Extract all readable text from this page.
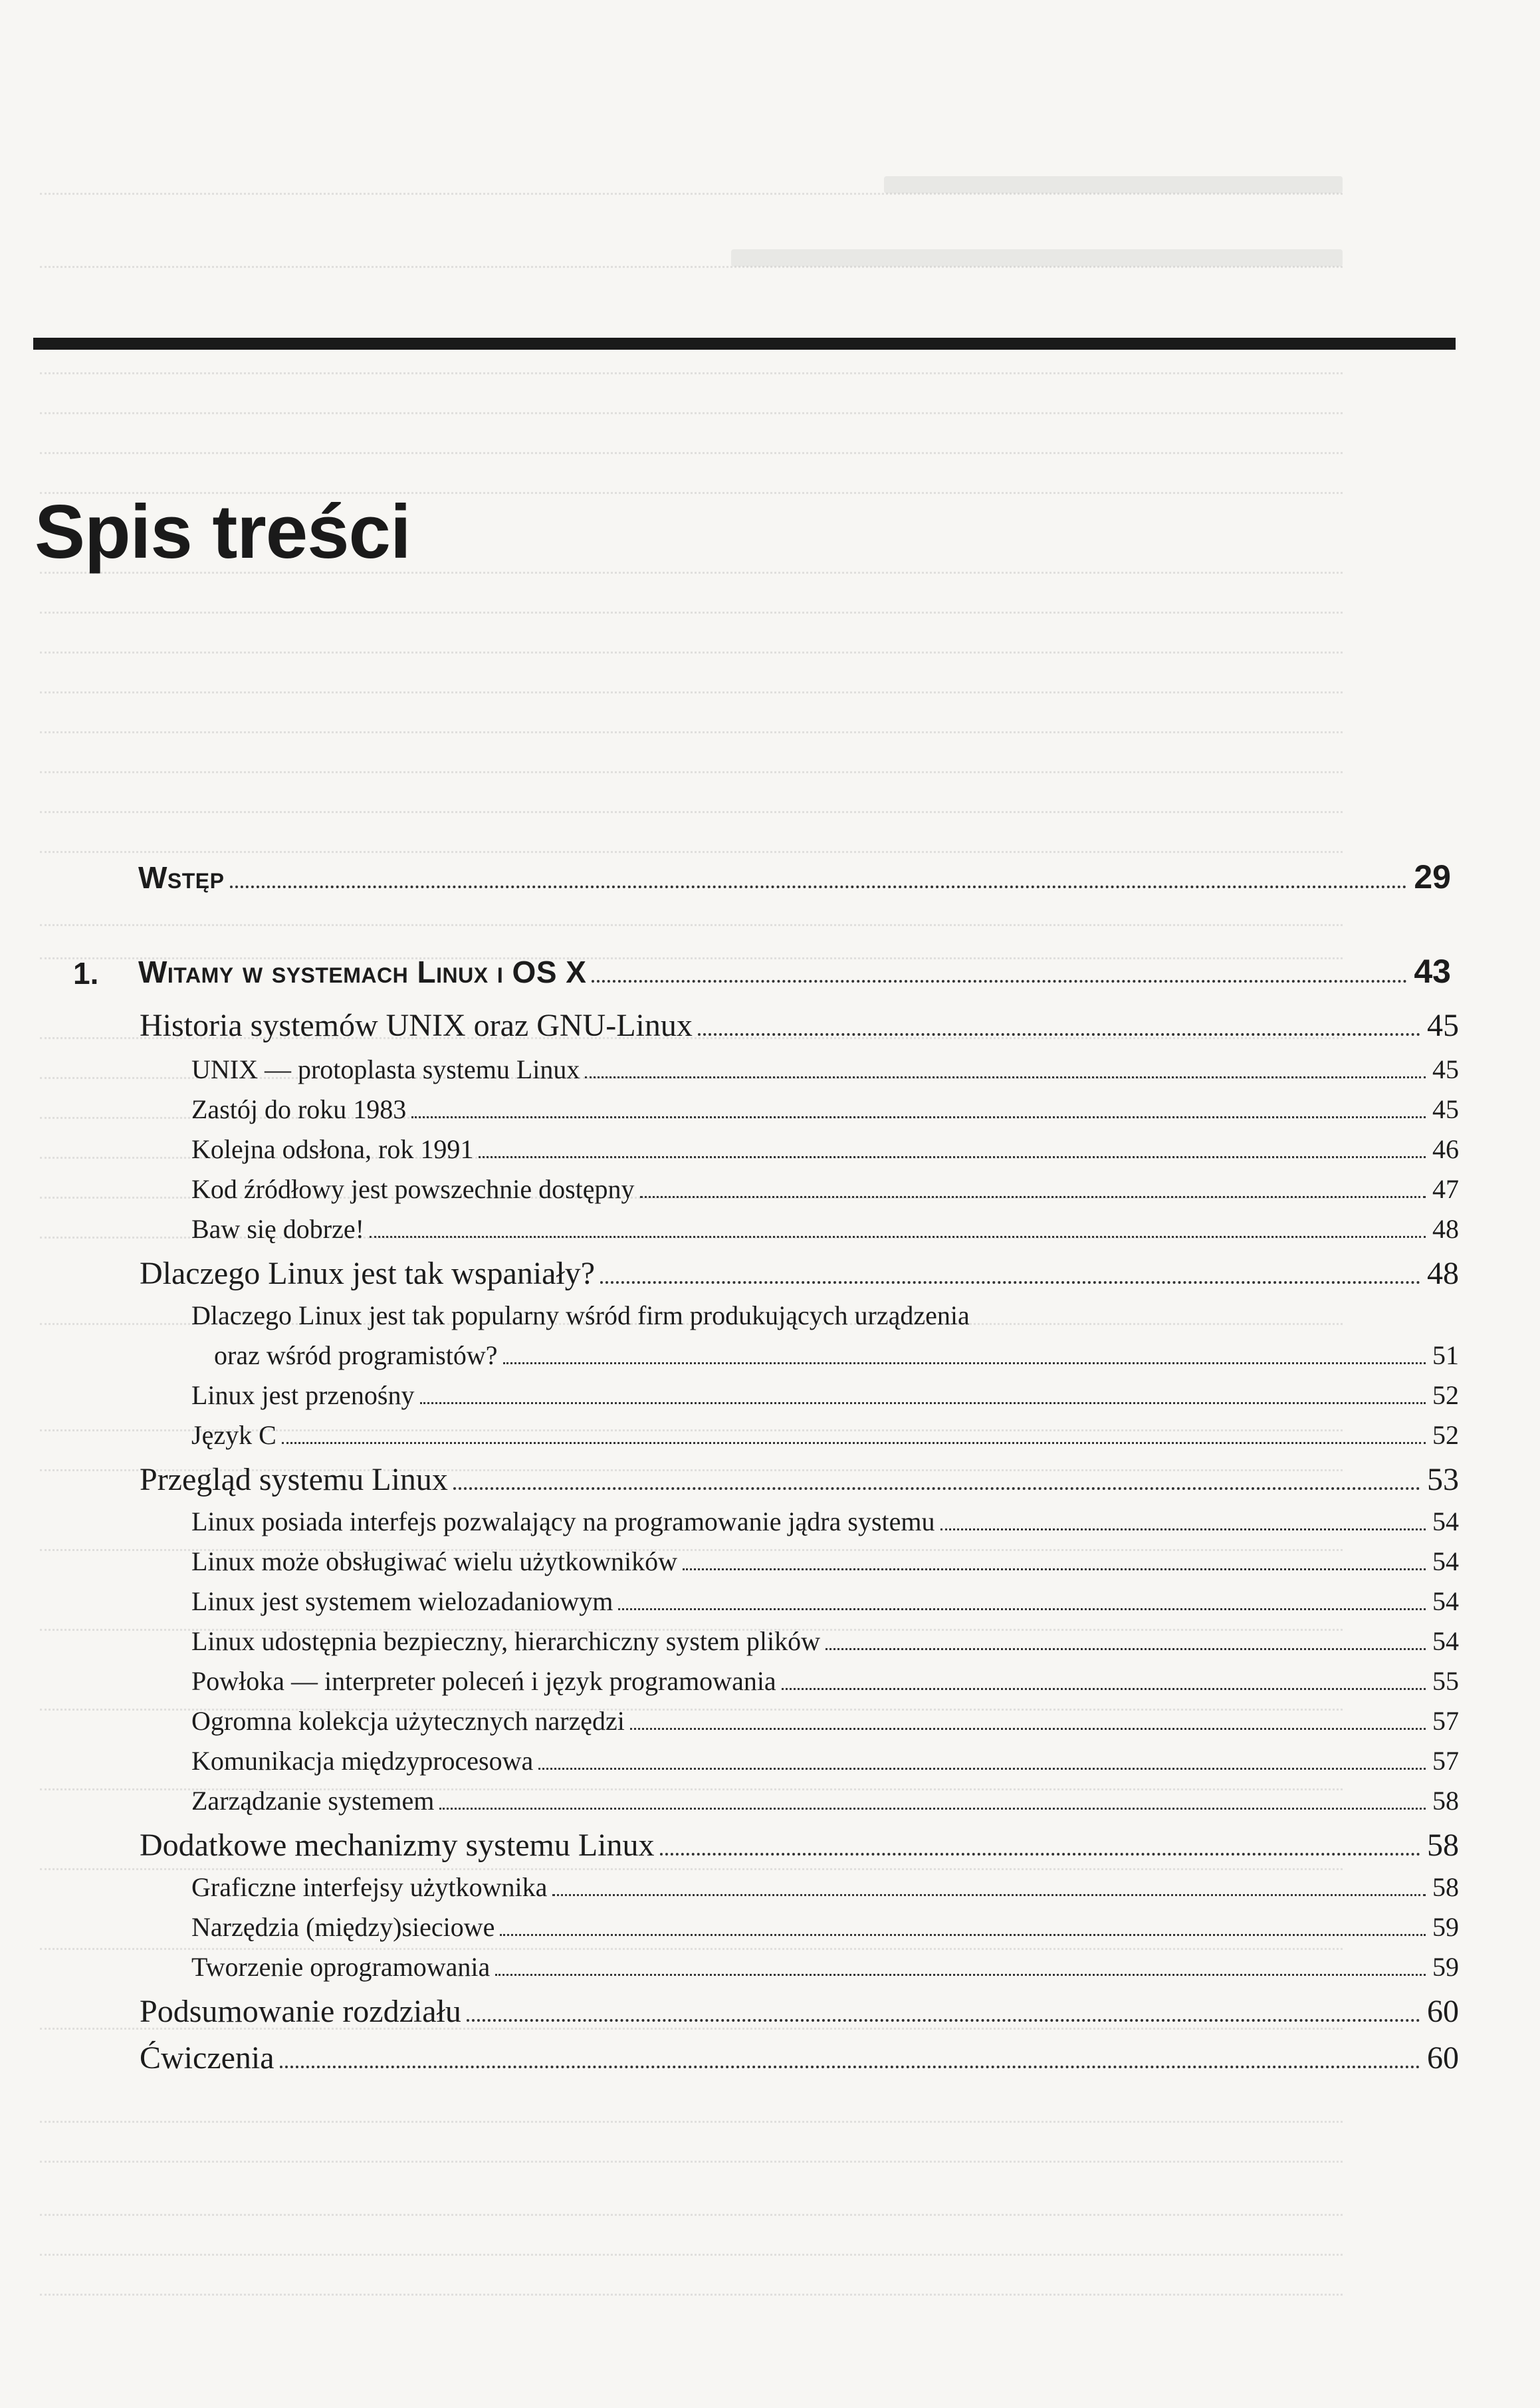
Spis treści
Wstęp	29
1. Witamy w systemach Linux i OS X	43
Historia systemów UNIX oraz GNU-Linux	45
UNIX — protoplasta systemu Linux	45
Zastój do roku 1983	45
Kolejna odsłona, rok 1991	46
Kod źródłowy jest powszechnie dostępny	47
Baw się dobrze!	48
Dlaczego Linux jest tak wspaniały?	48
Dlaczego Linux jest tak popularny wśród firm produkujących urządzenia
oraz wśród programistów?	51
Linux jest przenośny	52
Język C	52
Przegląd systemu Linux	53
Linux posiada interfejs pozwalający na programowanie jądra systemu	54
Linux może obsługiwać wielu użytkowników	54
Linux jest systemem wielozadaniowym	54
Linux udostępnia bezpieczny, hierarchiczny system plików	54
Powłoka — interpreter poleceń i język programowania	55
Ogromna kolekcja użytecznych narzędzi	57
Komunikacja międzyprocesowa	57
Zarządzanie systemem	58
Dodatkowe mechanizmy systemu Linux	58
Graficzne interfejsy użytkownika	58
Narzędzia (między)sieciowe	59
Tworzenie oprogramowania	59
Podsumowanie rozdziału	60
Ćwiczenia	60
